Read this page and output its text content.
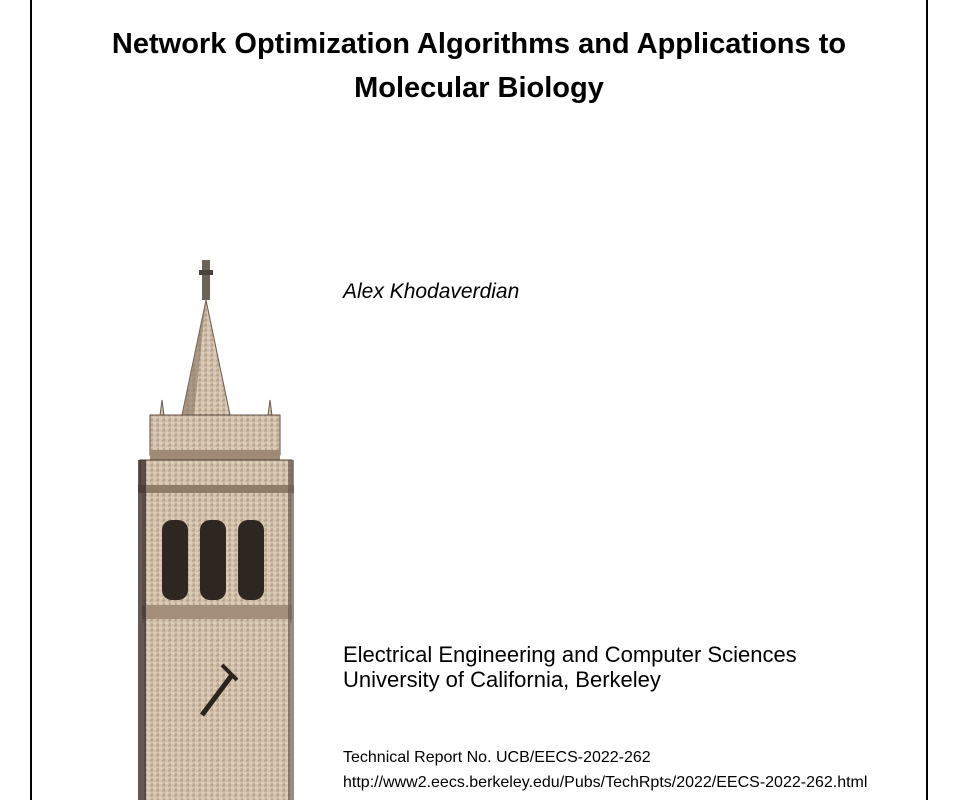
Network Optimization Algorithms and Applications to
Molecular Biology
Alex Khodaverdian
Electrical Engineering and Computer Sciences
University of California, Berkeley
Technical Report No. UCB/EECS-2022-262
http://www2.eecs.berkeley.edu/Pubs/TechRpts/2022/EECS-2022-262.html
